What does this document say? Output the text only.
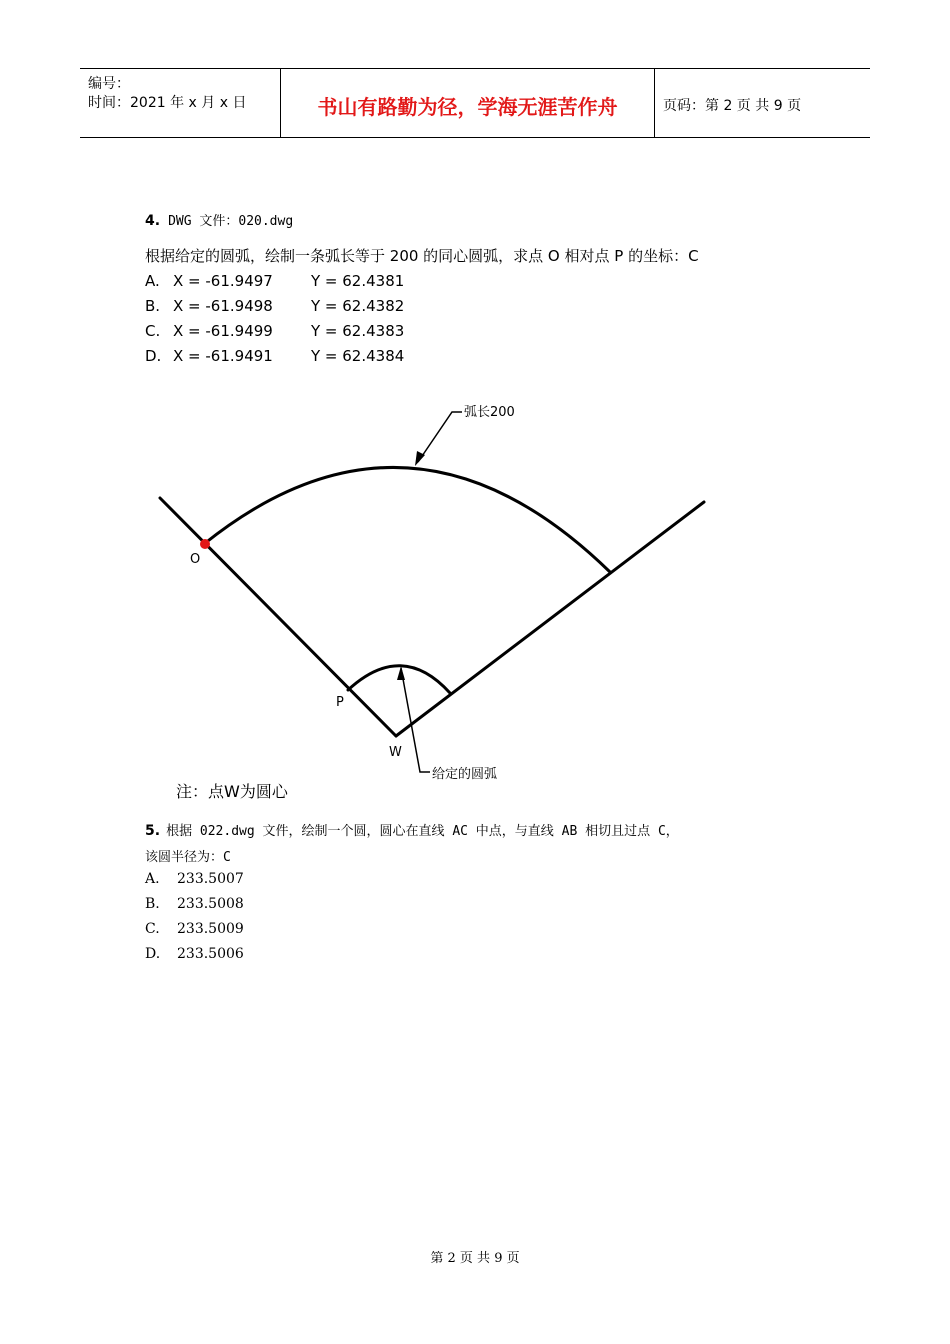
编号：
时间：2021 年 x 月 x 日	书山有路勤为径，学海无涯苦作舟	页码：第 2 页 共 9 页
4. DWG 文件：020.dwg
根据给定的圆弧，绘制一条弧长等于 200 的同心圆弧，求点 O 相对点 P 的坐标：C
A. X = -61.9497	Y = 62.4381
B. X = -61.9498	Y = 62.4382
C. X = -61.9499	Y = 62.4383
D. X = -61.9491	Y = 62.4384
弧长200
O
P
W
给定的圆弧
注：点W为圆心
5. 根据 022.dwg 文件，绘制一个圆，圆心在直线 AC 中点，与直线 AB 相切且过点 C，
该圆半径为：C
A. 233.5007
B. 233.5008
C. 233.5009
D. 233.5006
第 2 页 共 9 页
